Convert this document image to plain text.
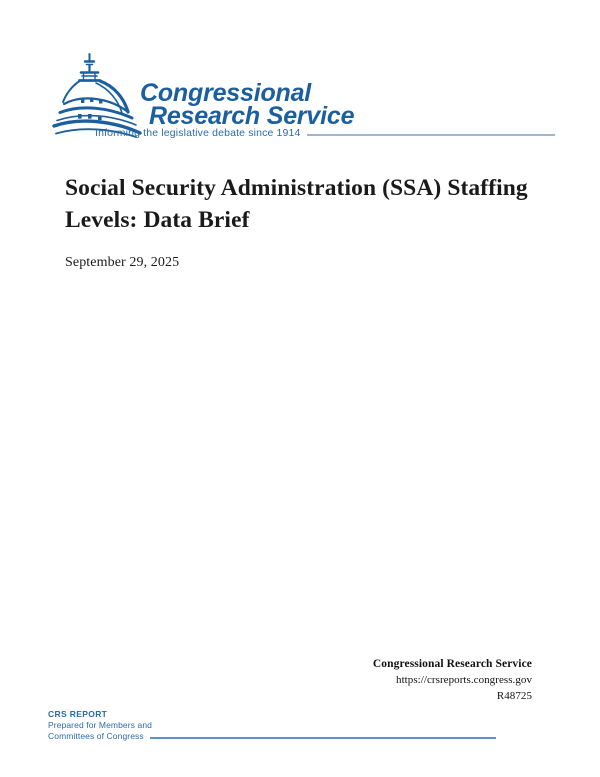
Congressional
Research Service
Informing the legislative debate since 1914
Social Security Administration (SSA) Staffing
Levels: Data Brief
September 29, 2025
Congressional Research Service
https://crsreports.congress.gov
R48725
CRS REPORT
Prepared for Members and
Committees of Congress
